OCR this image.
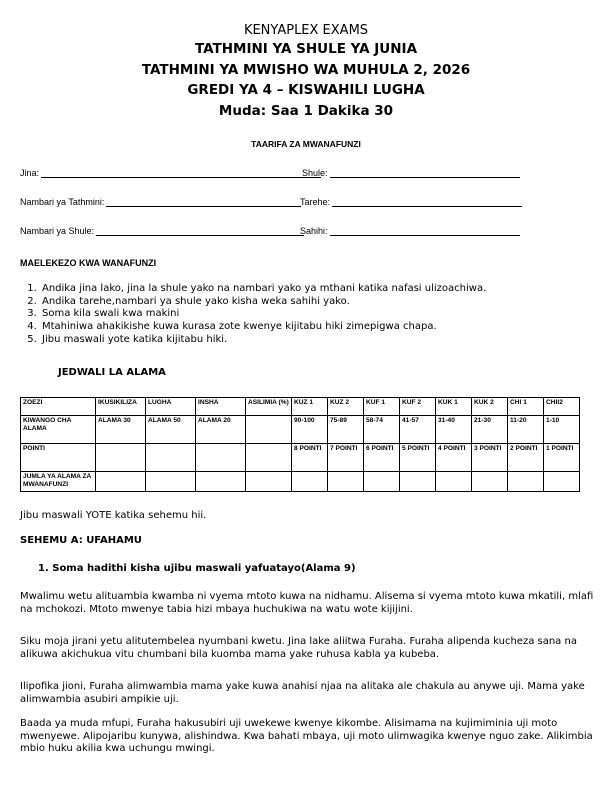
KENYAPLEX EXAMS
TATHMINI YA SHULE YA JUNIA
TATHMINI YA MWISHO WA MUHULA 2, 2026
GREDI YA 4 – KISWAHILI LUGHA
Muda: Saa 1 Dakika 30
TAARIFA ZA MWANAFUNZI
Jina:	Shule:
Nambari ya Tathmini:	Tarehe:
Nambari ya Shule:	Sahihi:
MAELEKEZO KWA WANAFUNZI
1. Andika jina lako, jina la shule yako na nambari yako ya mthani katika nafasi ulizoachiwa.
2. Andika tarehe,nambari ya shule yako kisha weka sahihi yako.
3. Soma kila swali kwa makini
4. Mtahiniwa ahakikishe kuwa kurasa zote kwenye kijitabu hiki zimepigwa chapa.
5. Jibu maswali yote katika kijitabu hiki.
JEDWALI LA ALAMA
ZOEZI	IKUSIKILIZA	LUGHA	INSHA	ASILIMIA (%)	KUZ 1	KUZ 2	KUF 1	KUF 2	KUK 1	KUK 2	CHI 1	CHII2
KIWANGO CHA ALAMA	ALAMA 30	ALAMA 50	ALAMA 20		90-100	75-89	58-74	41-57	31-40	21-30	11-20	1-10
POINTI					8 POINTI	7 POINTI	6 POINTI	5 POINTI	4 POINTI	3 POINTI	2 POINTI	1 POINTI
JUMLA YA ALAMA ZA MWANAFUNZI												
Jibu maswali YOTE katika sehemu hii.
SEHEMU A: UFAHAMU
1. Soma hadithi kisha ujibu maswali yafuatayo(Alama 9)
Mwalimu wetu alituambia kwamba ni vyema mtoto kuwa na nidhamu. Alisema si vyema mtoto kuwa mkatili, mlafi na mchokozi. Mtoto mwenye tabia hizi mbaya huchukiwa na watu wote kijijini.
Siku moja jirani yetu alitutembelea nyumbani kwetu. Jina lake aliitwa Furaha. Furaha alipenda kucheza sana na alikuwa akichukua vitu chumbani bila kuomba mama yake ruhusa kabla ya kubeba.
Ilipofika jioni, Furaha alimwambia mama yake kuwa anahisi njaa na alitaka ale chakula au anywe uji. Mama yake alimwambia asubiri ampikie uji.
Baada ya muda mfupi, Furaha hakusubiri uji uwekewe kwenye kikombe. Alisimama na kujimiminia uji moto mwenyewe. Alipojaribu kunywa, alishindwa. Kwa bahati mbaya, uji moto ulimwagika kwenye nguo zake. Alikimbia mbio huku akilia kwa uchungu mwingi.
